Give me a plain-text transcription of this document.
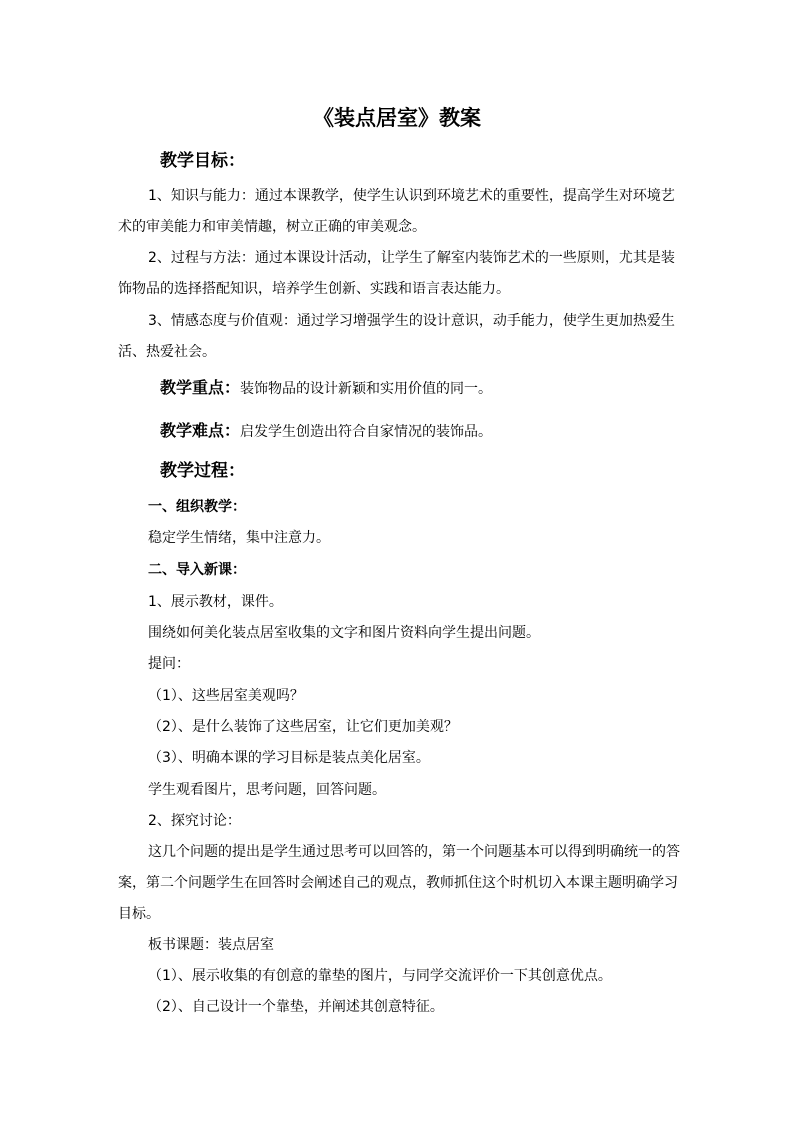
《装点居室》教案
教学目标：
1、知识与能力：通过本课教学，使学生认识到环境艺术的重要性，提高学生对环境艺
术的审美能力和审美情趣，树立正确的审美观念。
2、过程与方法：通过本课设计活动，让学生了解室内装饰艺术的一些原则，尤其是装
饰物品的选择搭配知识，培养学生创新、实践和语言表达能力。
3、情感态度与价值观：通过学习增强学生的设计意识，动手能力，使学生更加热爱生
活、热爱社会。
教学重点：装饰物品的设计新颖和实用价值的同一。
教学难点：启发学生创造出符合自家情况的装饰品。
教学过程：
一、组织教学：
稳定学生情绪，集中注意力。
二、导入新课：
1、展示教材，课件。
围绕如何美化装点居室收集的文字和图片资料向学生提出问题。
提问：
（1）、这些居室美观吗？
（2）、是什么装饰了这些居室，让它们更加美观？
（3）、明确本课的学习目标是装点美化居室。
学生观看图片，思考问题，回答问题。
2、探究讨论：
这几个问题的提出是学生通过思考可以回答的，第一个问题基本可以得到明确统一的答
案，第二个问题学生在回答时会阐述自己的观点，教师抓住这个时机切入本课主题明确学习
目标。
板书课题：装点居室
（1）、展示收集的有创意的靠垫的图片，与同学交流评价一下其创意优点。
（2）、自己设计一个靠垫，并阐述其创意特征。
